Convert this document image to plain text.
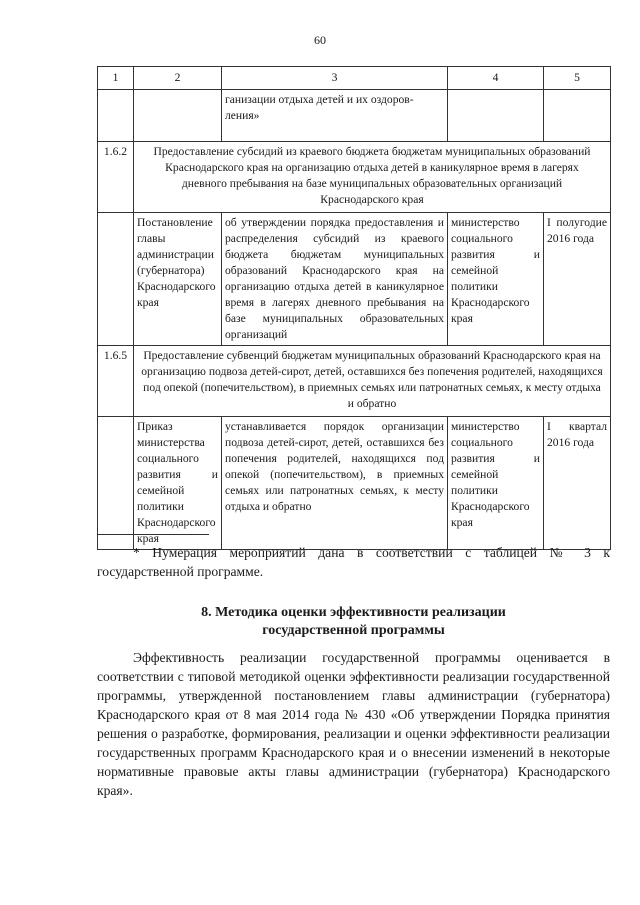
60
1	2	3	4	5
		ганизации отдыха детей и их оздоров-
ления»		
1.6.2	Предоставление субсидий из краевого бюджета бюджетам муниципальных образований Краснодарского края на организацию отдыха детей в каникулярное время в лагерях дневного пребывания на базе муниципальных образовательных организаций Краснодарского края			
	Постановление главы администрации (губернатора) Краснодарского края	об утверждении порядка предоставления и распределения субсидий из краевого бюджета бюджетам муниципальных образований Краснодарского края на организацию отдыха детей в каникулярное время в лагерях дневного пребывания на базе муниципальных образовательных организаций	министерство социального развития и семейной политики Краснодарского края	I полугодие 2016 года
1.6.5	Предоставление субвенций бюджетам муниципальных образований Краснодарского края на организацию подвоза детей-сирот, детей, оставшихся без попечения родителей, находящихся под опекой (попечительством), в приемных семьях или патронатных семьях, к месту отдыха и обратно			
	Приказ министерства социального развития и семейной политики Краснодарского края	устанавливается порядок организации подвоза детей-сирот, детей, оставшихся без попечения родителей, находящихся под опекой (попечительством), в приемных семьях или патронатных семьях, к месту отдыха и обратно	министерство социального развития и семейной политики Краснодарского края	I квартал 2016 года
* Нумерация мероприятий дана в соответствии с таблицей № 3 к государственной программе.
8. Методика оценки эффективности реализации
государственной программы
Эффективность реализации государственной программы оценивается в соответствии с типовой методикой оценки эффективности реализации государственной программы, утвержденной постановлением главы администрации (губернатора) Краснодарского края от 8 мая 2014 года № 430 «Об утверждении Порядка принятия решения о разработке, формирования, реализации и оценки эффективности реализации государственных программ Краснодарского края и о внесении изменений в некоторые нормативные правовые акты главы администрации (губернатора) Краснодарского края».
